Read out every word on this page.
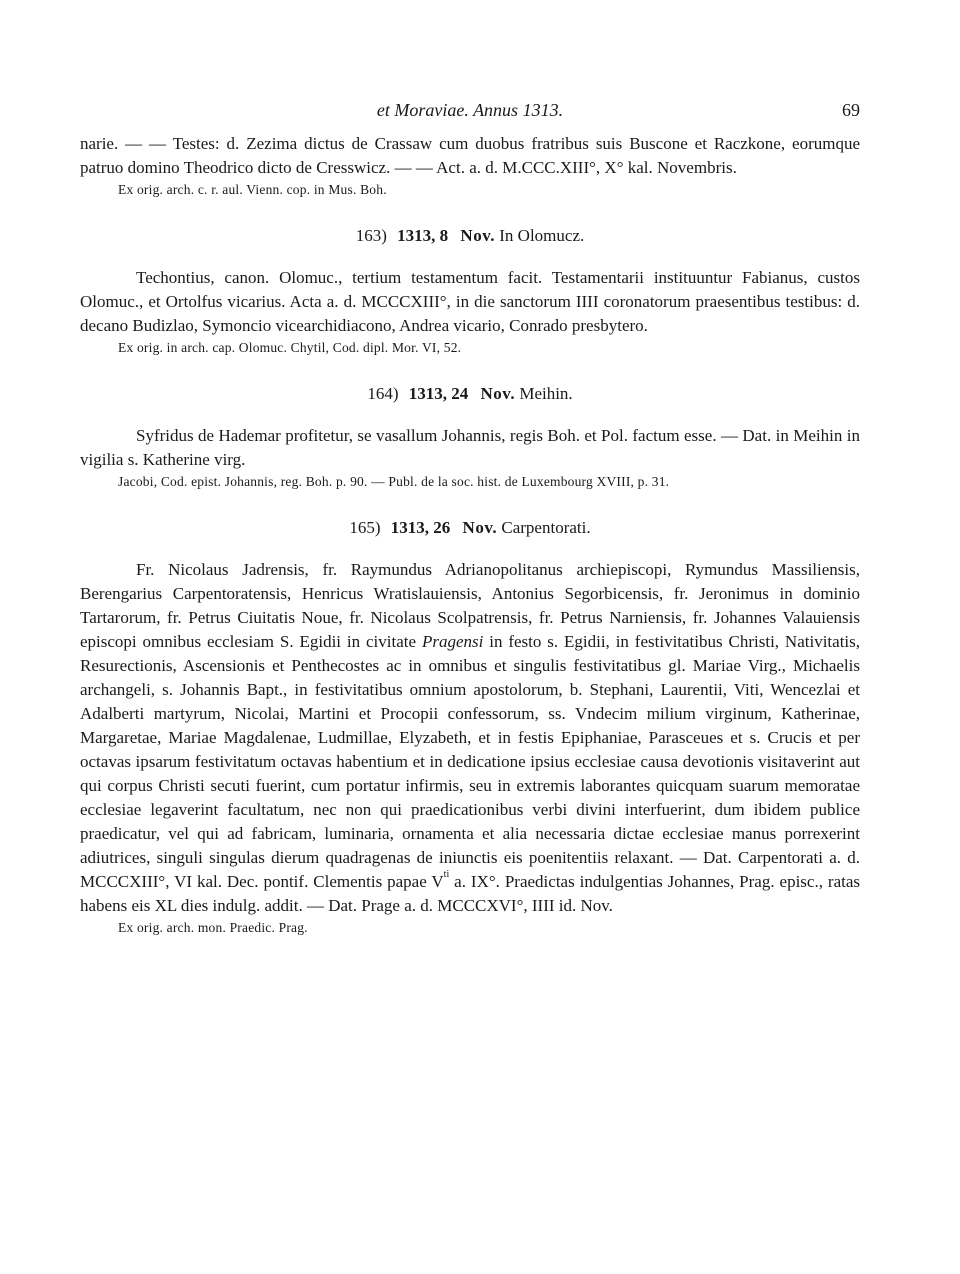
et Moraviae. Annus 1313.	69

narie. — — Testes: d. Zezima dictus de Crassaw cum duobus fratribus suis Buscone et Raczkone, eorumque patruo domino Theodrico dicto de Cresswicz. — — Act. a. d. M.CCC.XIII°, X° kal. Novembris.

Ex orig. arch. c. r. aul. Vienn. cop. in Mus. Boh.

163) 1313, 8 Nov. In Olomucz.

Techontius, canon. Olomuc., tertium testamentum facit. Testamentarii instituuntur Fabianus, custos Olomuc., et Ortolfus vicarius. Acta a. d. MCCCXIII°, in die sanctorum IIII coronatorum praesentibus testibus: d. decano Budizlao, Symoncio vicearchidiacono, Andrea vicario, Conrado presbytero.

Ex orig. in arch. cap. Olomuc. Chytil, Cod. dipl. Mor. VI, 52.

164) 1313, 24 Nov. Meihin.

Syfridus de Hademar profitetur, se vasallum Johannis, regis Boh. et Pol. factum esse. — Dat. in Meihin in vigilia s. Katherine virg.

Jacobi, Cod. epist. Johannis, reg. Boh. p. 90. — Publ. de la soc. hist. de Luxembourg XVIII, p. 31.

165) 1313, 26 Nov. Carpentorati.

Fr. Nicolaus Jadrensis, fr. Raymundus Adrianopolitanus archiepiscopi, Rymundus Massiliensis, Berengarius Carpentoratensis, Henricus Wratislauiensis, Antonius Segorbicensis, fr. Jeronimus in dominio Tartarorum, fr. Petrus Ciuitatis Noue, fr. Nicolaus Scolpatrensis, fr. Petrus Narniensis, fr. Johannes Valauiensis episcopi omnibus ecclesiam S. Egidii in civitate Pragensi in festo s. Egidii, in festivitatibus Christi, Nativitatis, Resurectionis, Ascensionis et Penthecostes ac in omnibus et singulis festivitatibus gl. Mariae Virg., Michaelis archangeli, s. Johannis Bapt., in festivitatibus omnium apostolorum, b. Stephani, Laurentii, Viti, Wencezlai et Adalberti martyrum, Nicolai, Martini et Procopii confessorum, ss. Vndecim milium virginum, Katherinae, Margaretae, Mariae Magdalenae, Ludmillae, Elyzabeth, et in festis Epiphaniae, Parasceues et s. Crucis et per octavas ipsarum festivitatum octavas habentium et in dedicatione ipsius ecclesiae causa devotionis visitaverint aut qui corpus Christi secuti fuerint, cum portatur infirmis, seu in extremis laborantes quicquam suarum memoratae ecclesiae legaverint facultatum, nec non qui praedicationibus verbi divini interfuerint, dum ibidem publice praedicatur, vel qui ad fabricam, luminaria, ornamenta et alia necessaria dictae ecclesiae manus porrexerint adiutrices, singuli singulas dierum quadragenas de iniunctis eis poenitentiis relaxant. — Dat. Carpentorati a. d. MCCCXIII°, VI kal. Dec. pontif. Clementis papae $V^{ti}$ a. IX°. Praedictas indulgentias Johannes, Prag. episc., ratas habens eis XL dies indulg. addit. — Dat. Prage a. d. MCCCXVI°, IIII id. Nov.

Ex orig. arch. mon. Praedic. Prag.
